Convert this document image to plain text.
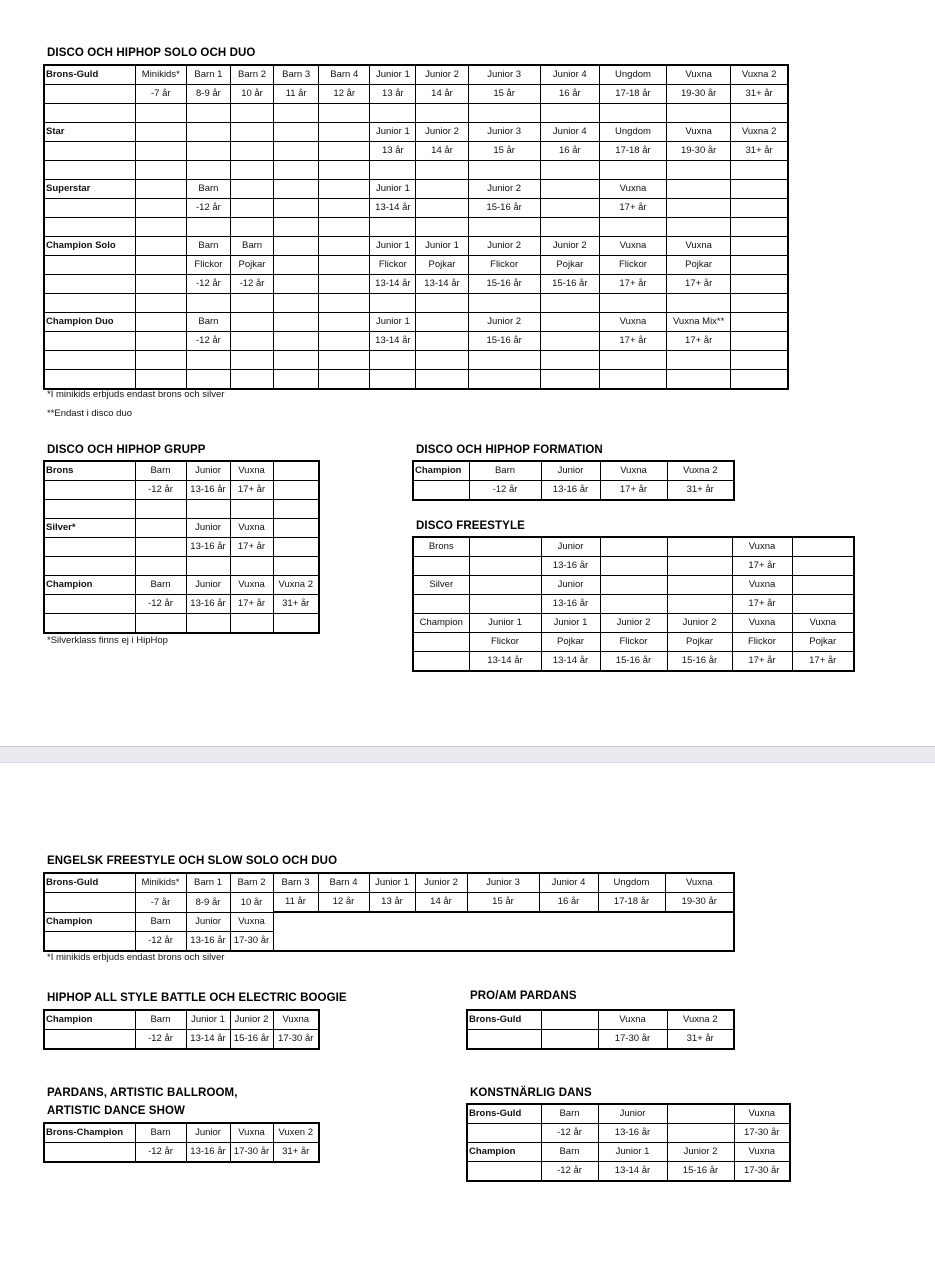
DISCO OCH HIPHOP SOLO OCH DUO
Brons-Guld	Minikids*	Barn 1	Barn 2	Barn 3	Barn 4	Junior 1	Junior 2	Junior 3	Junior 4	Ungdom	Vuxna	Vuxna 2
	-7 år	8-9 år	10 år	11 år	12 år	13 år	14 år	15 år	16 år	17-18 år	19-30 år	31+ år

Star						Junior 1	Junior 2	Junior 3	Junior 4	Ungdom	Vuxna	Vuxna 2
						13 år	14 år	15 år	16 år	17-18 år	19-30 år	31+ år

Superstar		Barn				Junior 1		Junior 2		Vuxna		
		-12 år				13-14 år		15-16 år		17+ år		

Champion Solo		Barn	Barn			Junior 1	Junior 1	Junior 2	Junior 2	Vuxna	Vuxna	
		Flickor	Pojkar			Flickor	Pojkar	Flickor	Pojkar	Flickor	Pojkar	
		-12 år	-12 år			13-14 år	13-14 år	15-16 år	15-16 år	17+ år	17+ år	

Champion Duo		Barn				Junior 1		Junior 2		Vuxna	Vuxna Mix**	
		-12 år				13-14 år		15-16 år		17+ år	17+ år	

*I minikids erbjuds endast brons och silver

**Endast i disco duo

DISCO OCH HIPHOP GRUPP
Brons	Barn	Junior	Vuxna	
	-12 år	13-16 år	17+ år	

Silver*		Junior	Vuxna	
		13-16 år	17+ år	

Champion	Barn	Junior	Vuxna	Vuxna 2
	-12 år	13-16 år	17+ år	31+ år

*Silverklass finns ej i HipHop

DISCO OCH HIPHOP FORMATION
Champion	Barn	Junior	Vuxna	Vuxna 2
	-12 år	13-16 år	17+ år	31+ år
DISCO FREESTYLE
Brons		Junior			Vuxna	
		13-16 år			17+ år	
Silver		Junior			Vuxna	
		13-16 år			17+ år	
Champion	Junior 1	Junior 1	Junior 2	Junior 2	Vuxna	Vuxna
	Flickor	Pojkar	Flickor	Pojkar	Flickor	Pojkar
	13-14 år	13-14 år	15-16 år	15-16 år	17+ år	17+ år
ENGELSK FREESTYLE OCH SLOW SOLO OCH DUO
Brons-Guld	Minikids*	Barn 1	Barn 2	Barn 3	Barn 4	Junior 1	Junior 2	Junior 3	Junior 4	Ungdom	Vuxna
	-7 år	8-9 år	10 år	11 år	12 år	13 år	14 år	15 år	16 år	17-18 år	19-30 år
Champion	Barn	Junior	Vuxna								
	-12 år	13-16 år	17-30 år								

*I minikids erbjuds endast brons och silver

HIPHOP ALL STYLE BATTLE OCH ELECTRIC BOOGIE
Champion	Barn	Junior 1	Junior 2	Vuxna
	-12 år	13-14 år	15-16 år	17-30 år
PRO/AM PARDANS
Brons-Guld		Vuxna	Vuxna 2
		17-30 år	31+ år
PARDANS, ARTISTIC BALLROOM,
ARTISTIC DANCE SHOW
Brons-Champion	Barn	Junior	Vuxna	Vuxen 2
	-12 år	13-16 år	17-30 år	31+ år
KONSTNÄRLIG DANS
Brons-Guld	Barn	Junior		Vuxna
	-12 år	13-16 år		17-30 år
Champion	Barn	Junior 1	Junior 2	Vuxna
	-12 år	13-14 år	15-16 år	17-30 år
